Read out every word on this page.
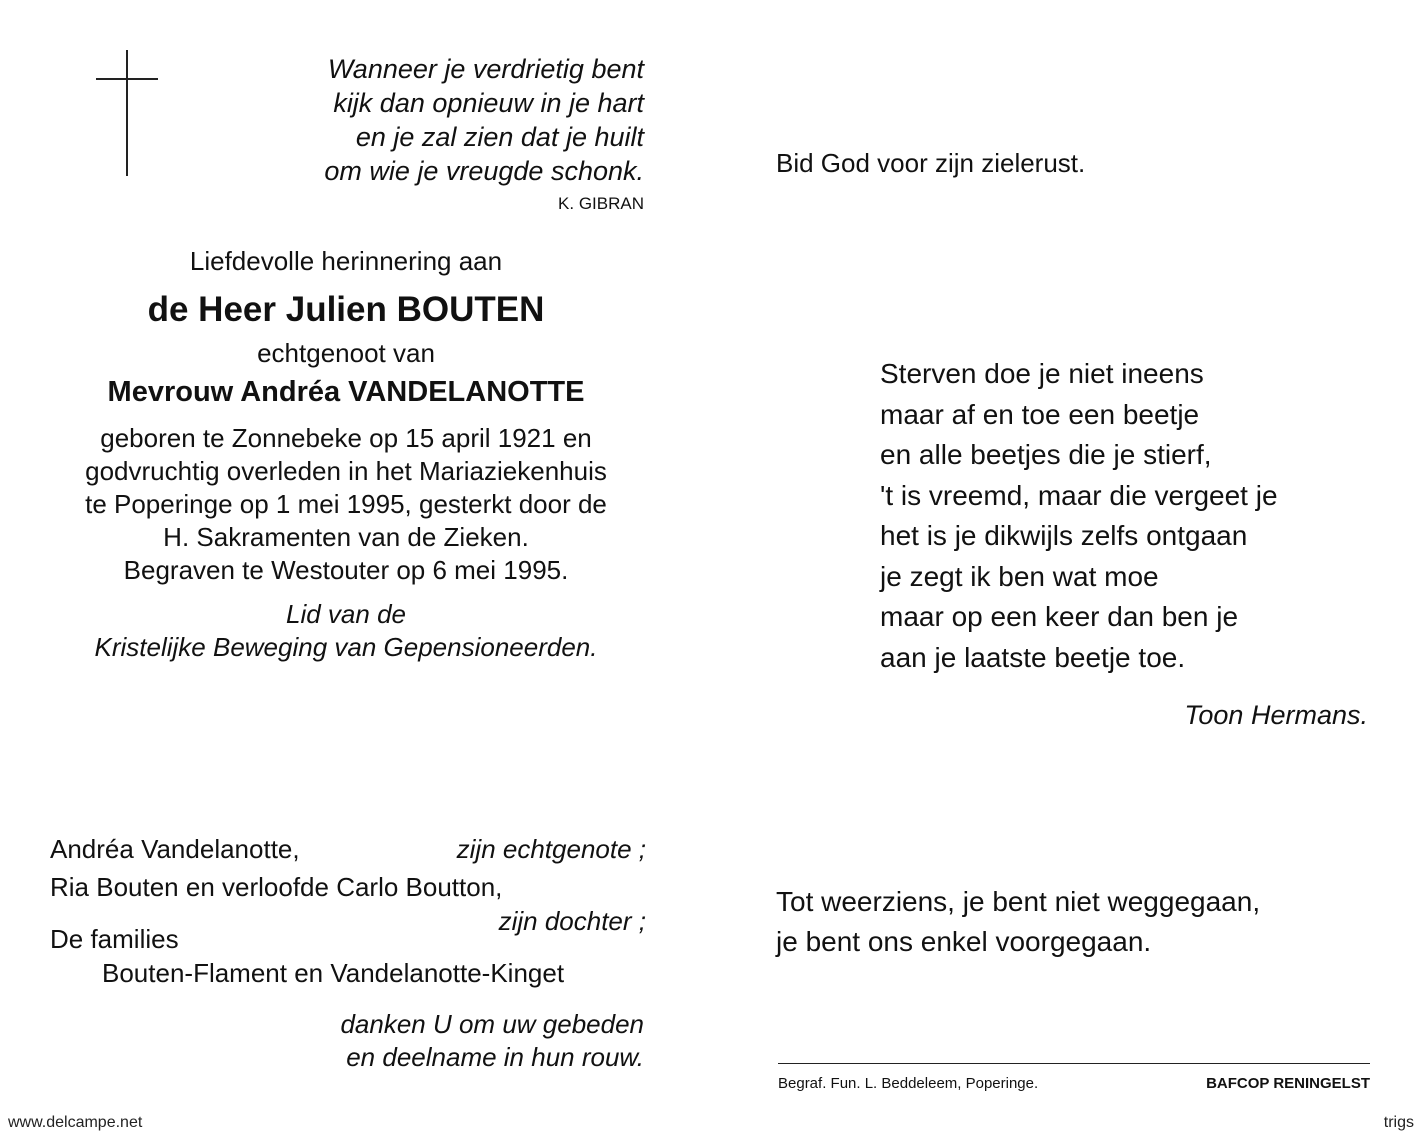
Wanneer je verdrietig bent
kijk dan opnieuw in je hart
en je zal zien dat je huilt
om wie je vreugde schonk.
K. GIBRAN
Liefdevolle herinnering aan
de Heer Julien BOUTEN
echtgenoot van
Mevrouw Andréa VANDELANOTTE
geboren te Zonnebeke op 15 april 1921 en
godvruchtig overleden in het Mariaziekenhuis
te Poperinge op 1 mei 1995, gesterkt door de
H. Sakramenten van de Zieken.
Begraven te Westouter op 6 mei 1995.
Lid van de
Kristelijke Beweging van Gepensioneerden.
Andréa Vandelanotte,	zijn echtgenote ;
Ria Bouten en verloofde Carlo Boutton,
zijn dochter ;
De families
Bouten-Flament en Vandelanotte-Kinget
danken U om uw gebeden
en deelname in hun rouw.
Bid God voor zijn zielerust.
Sterven doe je niet ineens
maar af en toe een beetje
en alle beetjes die je stierf,
't is vreemd, maar die vergeet je
het is je dikwijls zelfs ontgaan
je zegt ik ben wat moe
maar op een keer dan ben je
aan je laatste beetje toe.
Toon Hermans.
Tot weerziens, je bent niet weggegaan,
je bent ons enkel voorgegaan.
Begraf. Fun. L. Beddeleem, Poperinge.	BAFCOP RENINGELST
www.delcampe.net	trigs
